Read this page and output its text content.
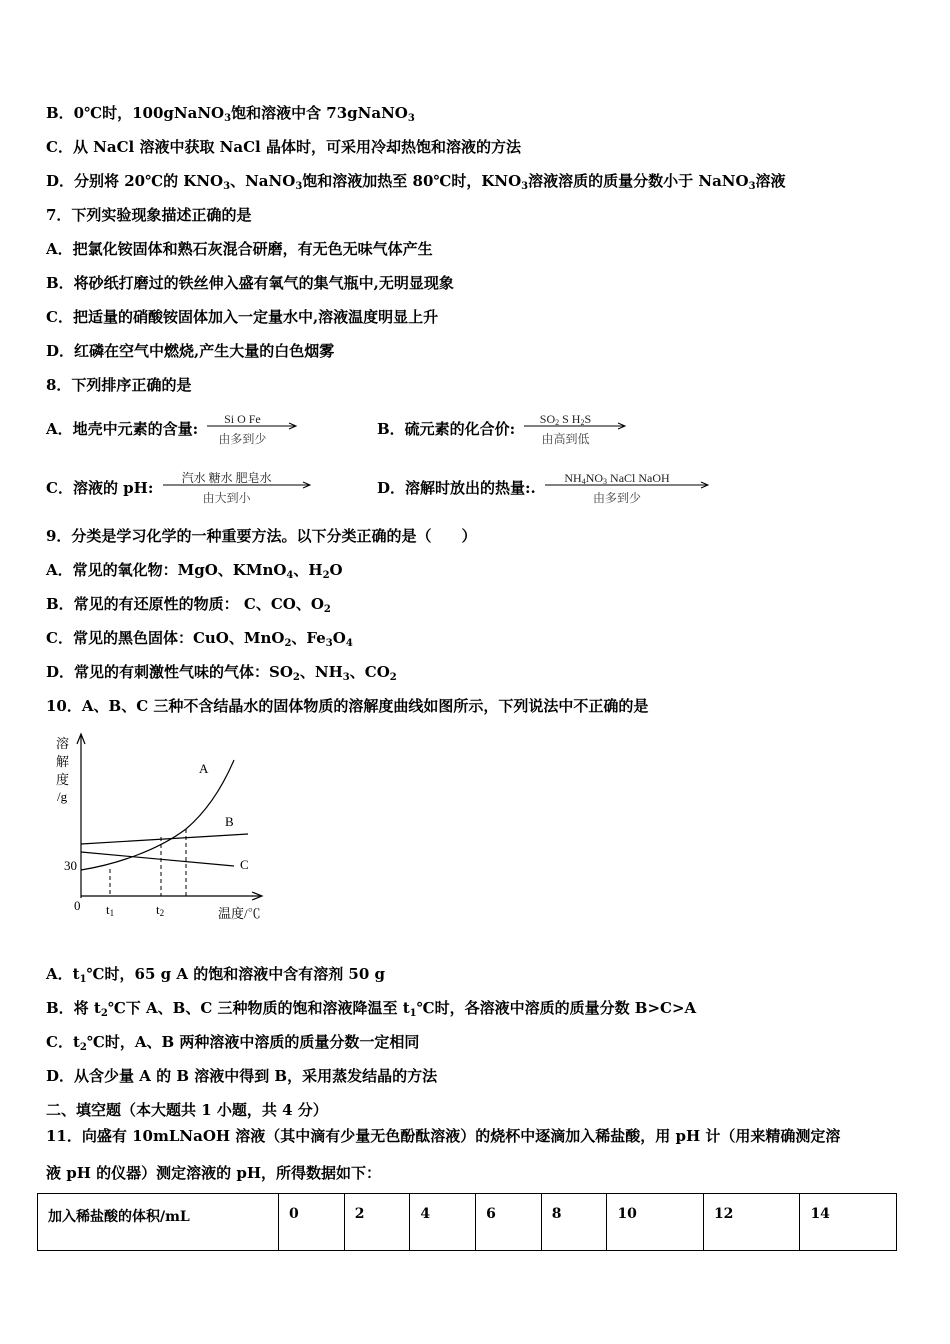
B．0℃时，100gNaNO$_3$饱和溶液中含 73gNaNO$_3$
C．从 NaCl 溶液中获取 NaCl 晶体时，可采用冷却热饱和溶液的方法
D．分别将 20℃的 $KNO_3$、NaNO$_3$饱和溶液加热至 80℃时，$KNO_3$溶液溶质的质量分数小于 NaNO$_3$溶液
7．下列实验现象描述正确的是
A．把氯化铵固体和熟石灰混合研磨，有无色无味气体产生
B．将砂纸打磨过的铁丝伸入盛有氧气的集气瓶中,无明显现象
C．把适量的硝酸铵固体加入一定量水中,溶液温度明显上升
D．红磷在空气中燃烧,产生大量的白色烟雾
8．下列排序正确的是
A．地壳中元素的含量:
Si O Fe
由多到少
B．硫元素的化合价:
$SO_2$ S $H_2S$
由高到低
C．溶液的 pH:
汽水 糖水 肥皂水
由大到小
D．溶解时放出的热量:.
$NH_4NO_3$ NaCl NaOH
由多到少
9．分类是学习化学的一种重要方法。以下分类正确的是（　　）
A．常见的氧化物：MgO、KMnO$_4$、$H_2O$
B．常见的有还原性的物质： C、CO、$O_2$
C．常见的黑色固体：CuO、MnO$_2$、$Fe_3O_4$
D．常见的有刺激性气味的气体：$SO_2$、$NH_3$、$CO_2$
10．A、B、C 三种不含结晶水的固体物质的溶解度曲线如图所示，下列说法中不正确的是
溶
解
度
/g
30
0
A
B
C
t1	t2	温度/℃
A．$t_1℃$时，65 g A 的饱和溶液中含有溶剂 50 g
B．将 $t_2℃$下 A、B、C 三种物质的饱和溶液降温至 $t_1℃$时，各溶液中溶质的质量分数 B>C>A
C．$t_2℃$时，A、B 两种溶液中溶质的质量分数一定相同
D．从含少量 A 的 B 溶液中得到 B，采用蒸发结晶的方法
二、填空题（本大题共 1 小题，共 4 分）
11．向盛有 10mLNaOH 溶液（其中滴有少量无色酚酞溶液）的烧杯中逐滴加入稀盐酸，用 pH 计（用来精确测定溶
液 pH 的仪器）测定溶液的 pH，所得数据如下：
加入稀盐酸的体积/mL	0	2	4	6	8	10	12	14
